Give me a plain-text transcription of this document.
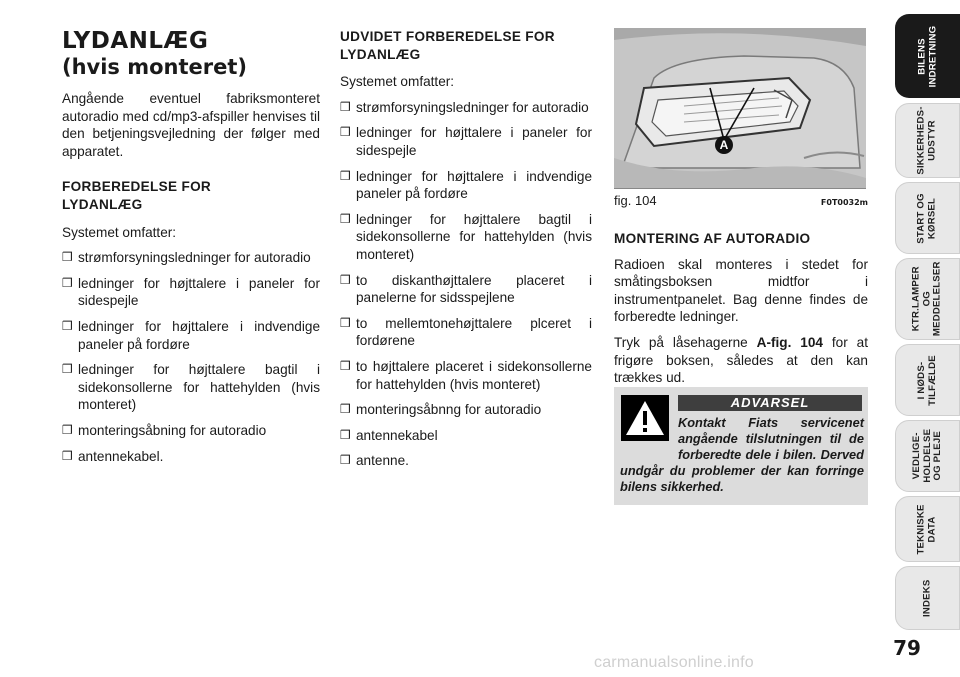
LYDANLÆG
(hvis monteret)

Angående eventuel fabriksmonteret autoradio med cd/mp3-afspiller henvises til den betjeningsvejledning der følger med apparatet.

FORBEREDELSE FOR
LYDANLÆG

Systemet omfatter:

❒ strømforsyningsledninger for autoradio
❒ ledninger for højttalere i paneler for sidespejle
❒ ledninger for højttalere i indvendige paneler på fordøre
❒ ledninger for højttalere bagtil i sidekonsollerne for hattehylden (hvis monteret)
❒ monteringsåbning for autoradio
❒ antennekabel.
UDVIDET FORBEREDELSE FOR
LYDANLÆG

Systemet omfatter:

❒ strømforsyningsledninger for autoradio
❒ ledninger for højttalere i paneler for sidespejle
❒ ledninger for højttalere i indvendige paneler på fordøre
❒ ledninger for højttalere bagtil i sidekonsollerne for hattehylden (hvis monteret)
❒ to diskanthøjttalere placeret i panelerne for sidsspejlene
❒ to mellemtonehøjttalere plceret i fordørene
❒ to højttalere placeret i sidekonsollerne for hattehylden (hvis monteret)
❒ monteringsåbnng for autoradio
❒ antennekabel
❒ antenne.
A
fig. 104	F0T0032m
MONTERING AF AUTORADIO

Radioen skal monteres i stedet for småtingsboksen midtfor i instrumentpanelet. Bag denne findes de forberedte ledninger.

Tryk på låsehagerne A-fig. 104 for at frigøre boksen, således at den kan trækkes ud.

ADVARSEL
Kontakt Fiats servicenet angående tilslutningen til de forberedte dele i bilen. Derved undgår du problemer der kan forringe bilens sikkerhed.
BILENS
INDRETNING
SIKKERHEDS-
UDSTYR
START OG
KØRSEL
KTR.LAMPER
OG
MEDDELELSER
I NØDS-
TILFÆLDE
VEDLIGE-
HOLDELSE
OG PLEJE
TEKNISKE
DATA
INDEKS
79
carmanualsonline.info
